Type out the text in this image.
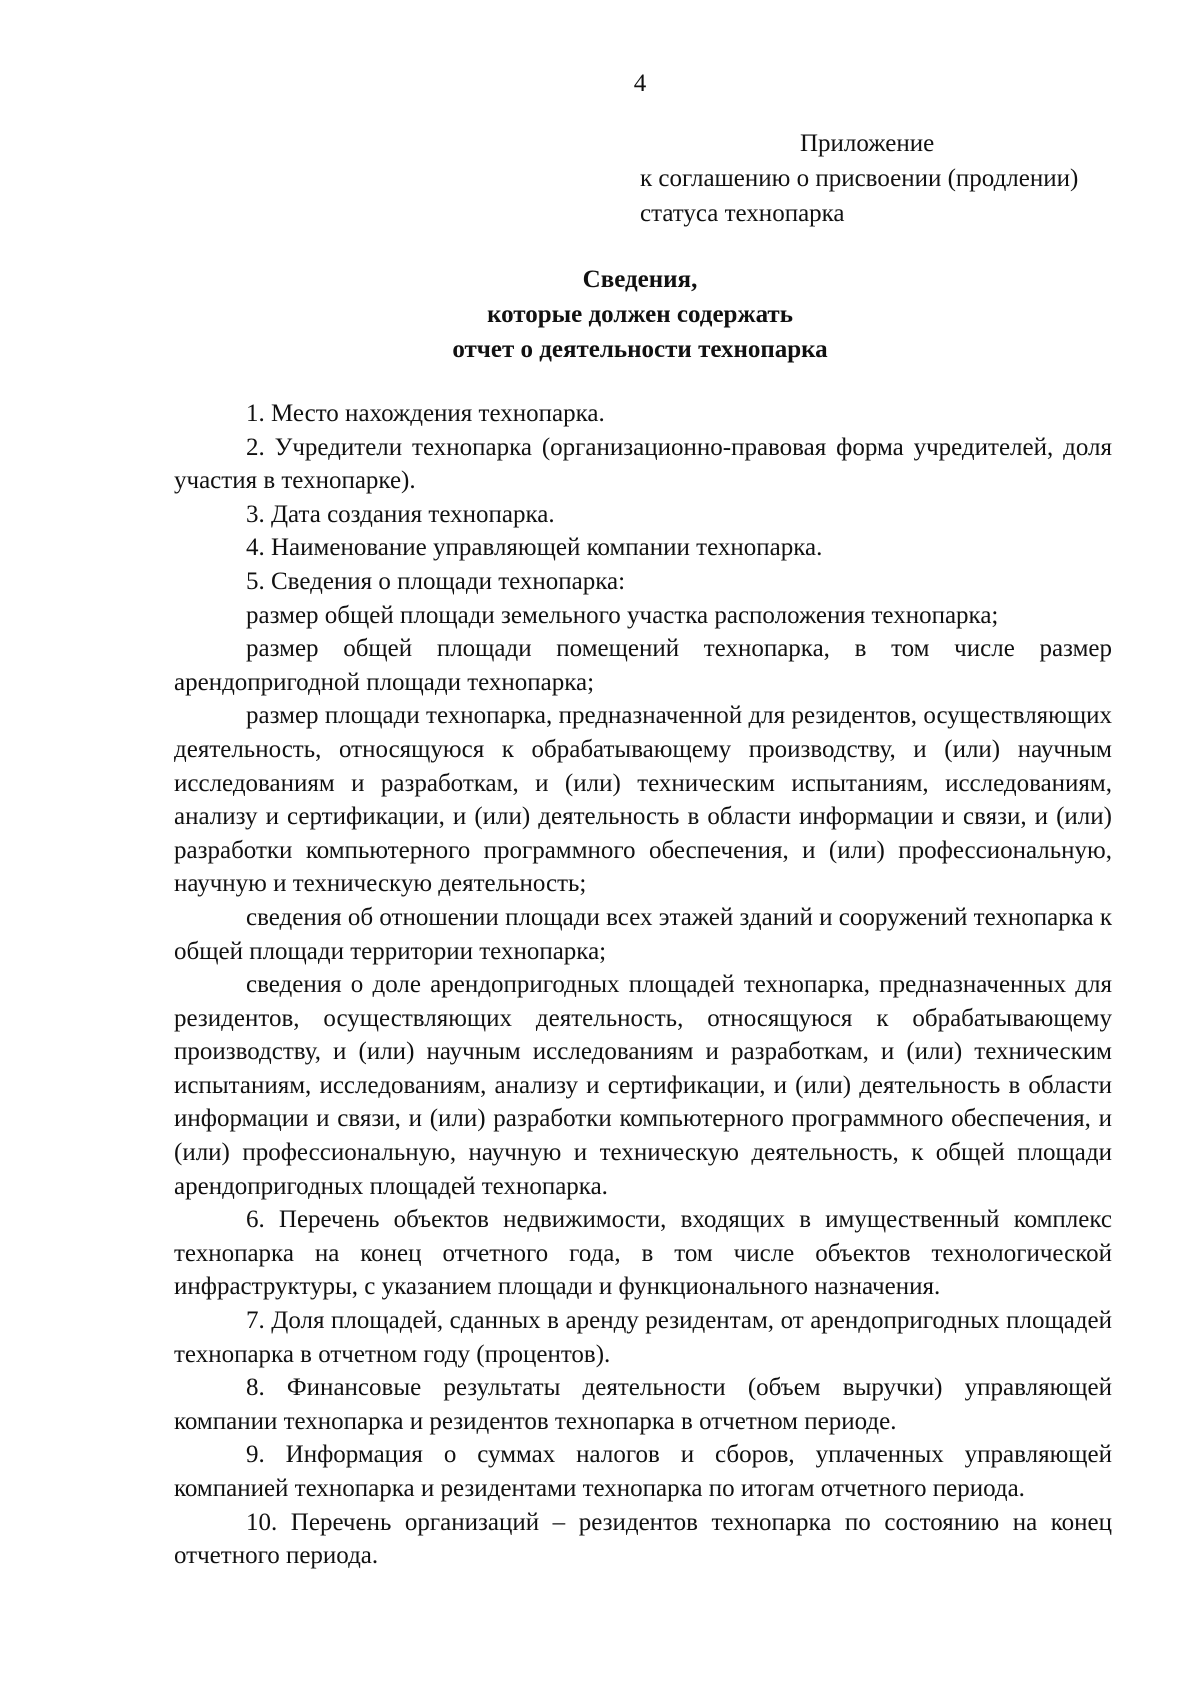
4
Приложение
к соглашению о присвоении (продлении)
статуса технопарка
Сведения,
которые должен содержать
отчет о деятельности технопарка

1. Место нахождения технопарка.

2. Учредители технопарка (организационно-правовая форма учредителей, доля участия в технопарке).

3. Дата создания технопарка.

4. Наименование управляющей компании технопарка.

5. Сведения о площади технопарка:

размер общей площади земельного участка расположения технопарка;

размер общей площади помещений технопарка, в том числе размер арендопригодной площади технопарка;

размер площади технопарка, предназначенной для резидентов, осуществляющих деятельность, относящуюся к обрабатывающему производству, и (или) научным исследованиям и разработкам, и (или) техническим испытаниям, исследованиям, анализу и сертификации, и (или) деятельность в области информации и связи, и (или) разработки компьютерного программного обеспечения, и (или) профессиональную, научную и техническую деятельность;

сведения об отношении площади всех этажей зданий и сооружений технопарка к общей площади территории технопарка;

сведения о доле арендопригодных площадей технопарка, предназначенных для резидентов, осуществляющих деятельность, относящуюся к обрабатывающему производству, и (или) научным исследованиям и разработкам, и (или) техническим испытаниям, исследованиям, анализу и сертификации, и (или) деятельность в области информации и связи, и (или) разработки компьютерного программного обеспечения, и (или) профессиональную, научную и техническую деятельность, к общей площади арендопригодных площадей технопарка.

6. Перечень объектов недвижимости, входящих в имущественный комплекс технопарка на конец отчетного года, в том числе объектов технологической инфраструктуры, с указанием площади и функционального назначения.

7. Доля площадей, сданных в аренду резидентам, от арендопригодных площадей технопарка в отчетном году (процентов).

8. Финансовые результаты деятельности (объем выручки) управляющей компании технопарка и резидентов технопарка в отчетном периоде.

9. Информация о суммах налогов и сборов, уплаченных управляющей компанией технопарка и резидентами технопарка по итогам отчетного периода.

10. Перечень организаций – резидентов технопарка по состоянию на конец отчетного периода.
